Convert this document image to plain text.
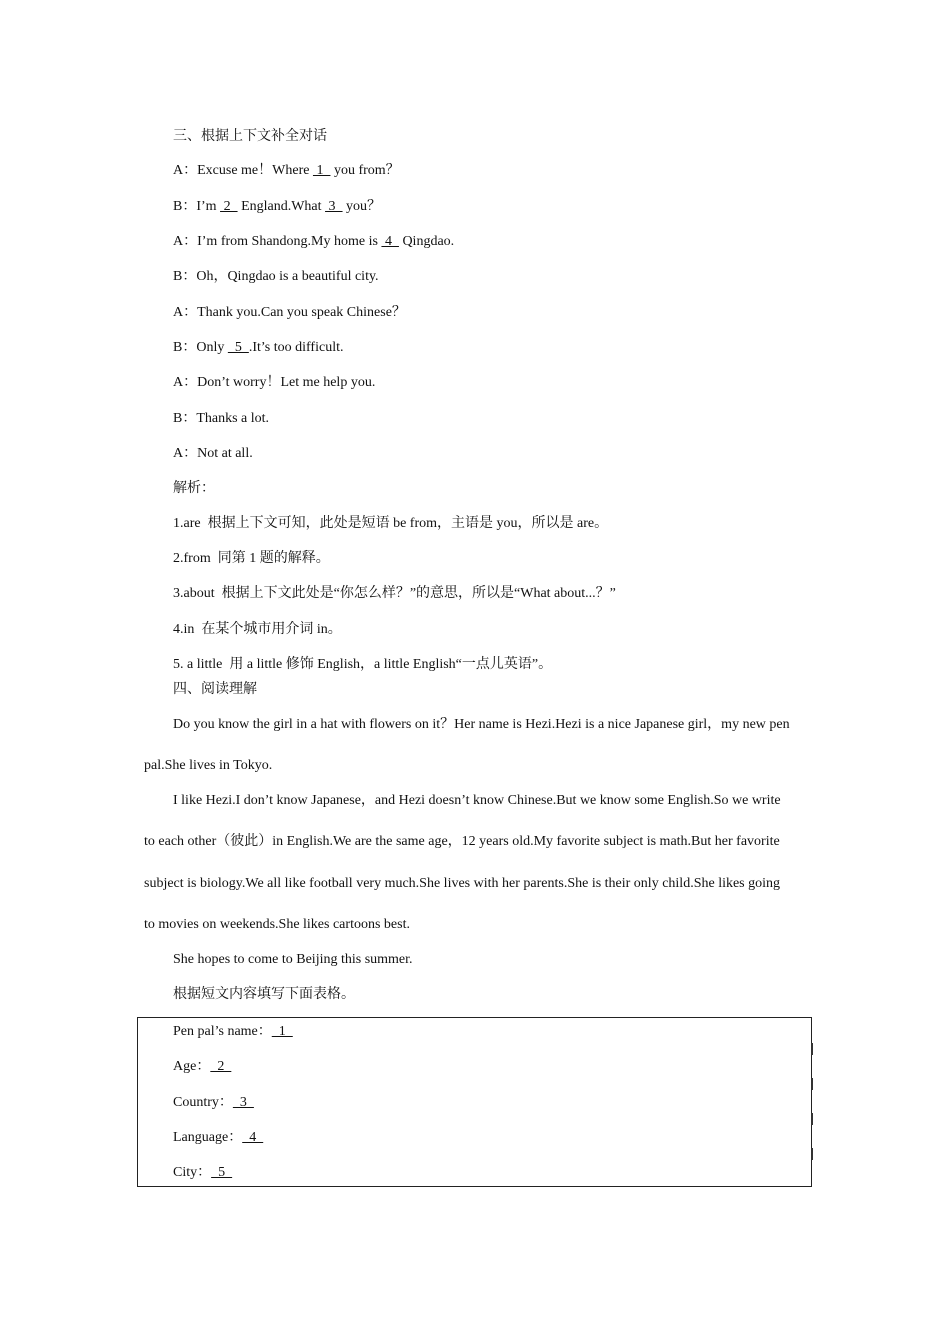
三、根据上下文补全对话
A：Excuse me！Where  1   you from？
B：I’m  2   England.What  3   you？
A：I’m from Shandong.My home is  4   Qingdao.
B：Oh，Qingdao is a beautiful city.
A：Thank you.Can you speak Chinese？
B：Only   5  .It’s too difficult.
A：Don’t worry！Let me help you.
B：Thanks a lot.
A：Not at all.
解析：
1.are  根据上下文可知，此处是短语 be from，主语是 you，所以是 are。
2.from  同第 1 题的解释。
3.about  根据上下文此处是“你怎么样？”的意思，所以是“What about...？”
4.in  在某个城市用介词 in。
5. a little  用 a little 修饰 English，a little English“一点儿英语”。
四、阅读理解
Do you know the girl in a hat with flowers on it？Her name is Hezi.Hezi is a nice Japanese girl，my new pen
pal.She lives in Tokyo.
I like Hezi.I don’t know Japanese，and Hezi doesn’t know Chinese.But we know some English.So we write
to each other（彼此）in English.We are the same age，12 years old.My favorite subject is math.But her favorite
subject is biology.We all like football very much.She lives with her parents.She is their only child.She likes going
to movies on weekends.She likes cartoons best.
She hopes to come to Beijing this summer.
根据短文内容填写下面表格。
Pen pal’s name：  1
Age：  2
Country：  3
Language：  4
City：  5
